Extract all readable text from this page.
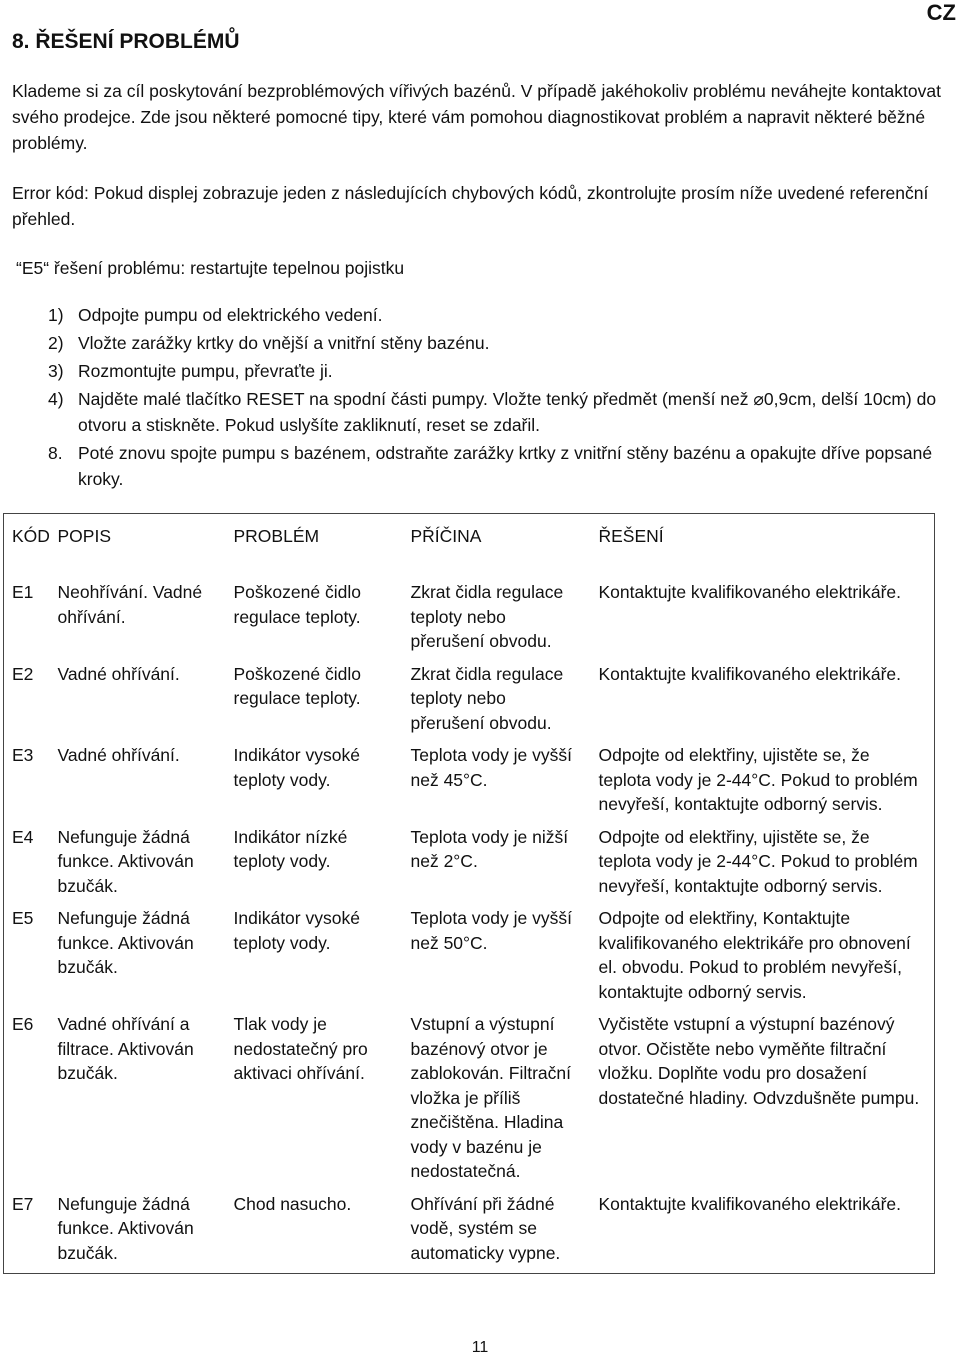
CZ
8. ŘEŠENÍ PROBLÉMŮ
Klademe si za cíl poskytování bezproblémových vířivých bazénů. V případě jakéhokoliv problému neváhejte kontaktovat svého prodejce. Zde jsou některé pomocné tipy, které vám pomohou diagnostikovat problém a napravit některé běžné problémy.
Error kód: Pokud displej zobrazuje jeden z následujících chybových kódů, zkontrolujte prosím níže uvedené referenční přehled.
“E5“ řešení problému: restartujte tepelnou pojistku
1) Odpojte pumpu od elektrického vedení.
2) Vložte zarážky krtky do vnější a vnitřní stěny bazénu.
3) Rozmontujte pumpu, převraťte ji.
4) Najděte malé tlačítko RESET na spodní části pumpy. Vložte tenký předmět (menší než ⌀0,9cm, delší 10cm) do otvoru a stiskněte. Pokud uslyšíte zakliknutí, reset se zdařil.
8. Poté znovu spojte pumpu s bazénem, odstraňte zarážky krtky z vnitřní stěny bazénu a opakujte dříve popsané kroky.
KÓD	POPIS	PROBLÉM	PŘÍČINA	ŘEŠENÍ

E1	Neohřívání. Vadné ohřívání.	Poškozené čidlo regulace teploty.	Zkrat čidla regulace teploty nebo přerušení obvodu.	Kontaktujte kvalifikovaného elektrikáře.
E2	Vadné ohřívání.	Poškozené čidlo regulace teploty.	Zkrat čidla regulace teploty nebo přerušení obvodu.	Kontaktujte kvalifikovaného elektrikáře.
E3	Vadné ohřívání.	Indikátor vysoké teploty vody.	Teplota vody je vyšší než 45°C.	Odpojte od elektřiny, ujistěte se, že teplota vody je 2-44°C. Pokud to problém nevyřeší, kontaktujte odborný servis.
E4	Nefunguje žádná funkce. Aktivován bzučák.	Indikátor nízké teploty vody.	Teplota vody je nižší než 2°C.	Odpojte od elektřiny, ujistěte se, že teplota vody je 2-44°C. Pokud to problém nevyřeší, kontaktujte odborný servis.
E5	Nefunguje žádná funkce. Aktivován bzučák.	Indikátor vysoké teploty vody.	Teplota vody je vyšší než 50°C.	Odpojte od elektřiny, Kontaktujte kvalifikovaného elektrikáře pro obnovení el. obvodu. Pokud to problém nevyřeší, kontaktujte odborný servis.
E6	Vadné ohřívání a filtrace. Aktivován bzučák.	Tlak vody je nedostatečný pro aktivaci ohřívání.	Vstupní a výstupní bazénový otvor je zablokován. Filtrační vložka je příliš znečištěna. Hladina vody v bazénu je nedostatečná.	Vyčistěte vstupní a výstupní bazénový otvor. Očistěte nebo vyměňte filtrační vložku. Doplňte vodu pro dosažení dostatečné hladiny. Odvzdušněte pumpu.
E7	Nefunguje žádná funkce. Aktivován bzučák.	Chod nasucho.	Ohřívání při žádné vodě, systém se automaticky vypne.	Kontaktujte kvalifikovaného elektrikáře.
11
